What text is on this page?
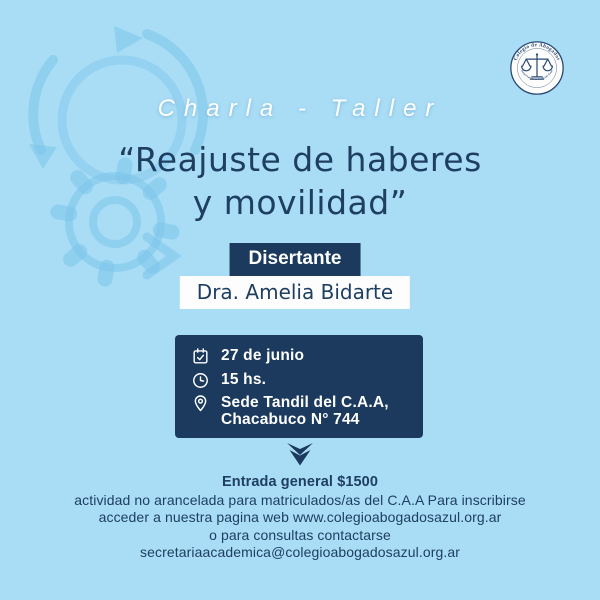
Colegio de Abogados
Departamento Judicial Azul
Charla - Taller
“Reajuste de haberes
y movilidad”
Disertante
Dra. Amelia Bidarte
27 de junio
15 hs.
Sede Tandil del C.A.A,
Chacabuco N° 744
Entrada general $1500
actividad no arancelada para matriculados/as del C.A.A Para inscribirse
acceder a nuestra pagina web www.colegioabogadosazul.org.ar
o para consultas contactarse
secretariaacademica@colegioabogadosazul.org.ar
